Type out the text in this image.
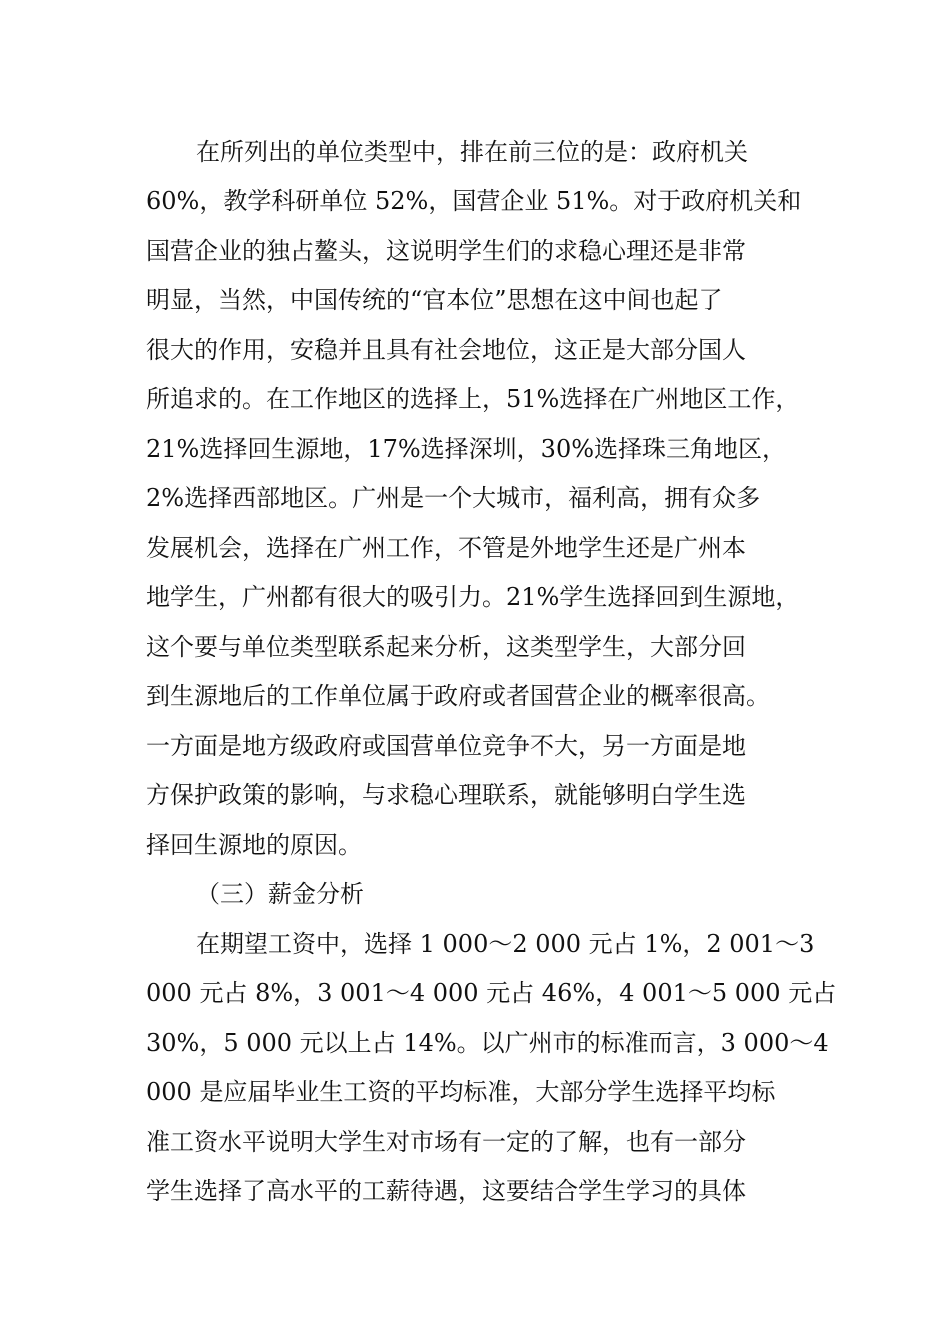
在所列出的单位类型中，排在前三位的是：政府机关
60%，教学科研单位 52%，国营企业 51%。对于政府机关和
国营企业的独占鳌头，这说明学生们的求稳心理还是非常
明显，当然，中国传统的“官本位”思想在这中间也起了
很大的作用，安稳并且具有社会地位，这正是大部分国人
所追求的。在工作地区的选择上，51%选择在广州地区工作，
21%选择回生源地，17%选择深圳，30%选择珠三角地区，
2%选择西部地区。广州是一个大城市，福利高，拥有众多
发展机会，选择在广州工作，不管是外地学生还是广州本
地学生，广州都有很大的吸引力。21%学生选择回到生源地，
这个要与单位类型联系起来分析，这类型学生，大部分回
到生源地后的工作单位属于政府或者国营企业的概率很高。
一方面是地方级政府或国营单位竞争不大，另一方面是地
方保护政策的影响，与求稳心理联系，就能够明白学生选
择回生源地的原因。
（三）薪金分析
在期望工资中，选择 1 000～2 000 元占 1%，2 001～3
000 元占 8%，3 001～4 000 元占 46%，4 001～5 000 元占
30%，5 000 元以上占 14%。以广州市的标准而言，3 000～4
000 是应届毕业生工资的平均标准，大部分学生选择平均标
准工资水平说明大学生对市场有一定的了解，也有一部分
学生选择了高水平的工薪待遇，这要结合学生学习的具体
